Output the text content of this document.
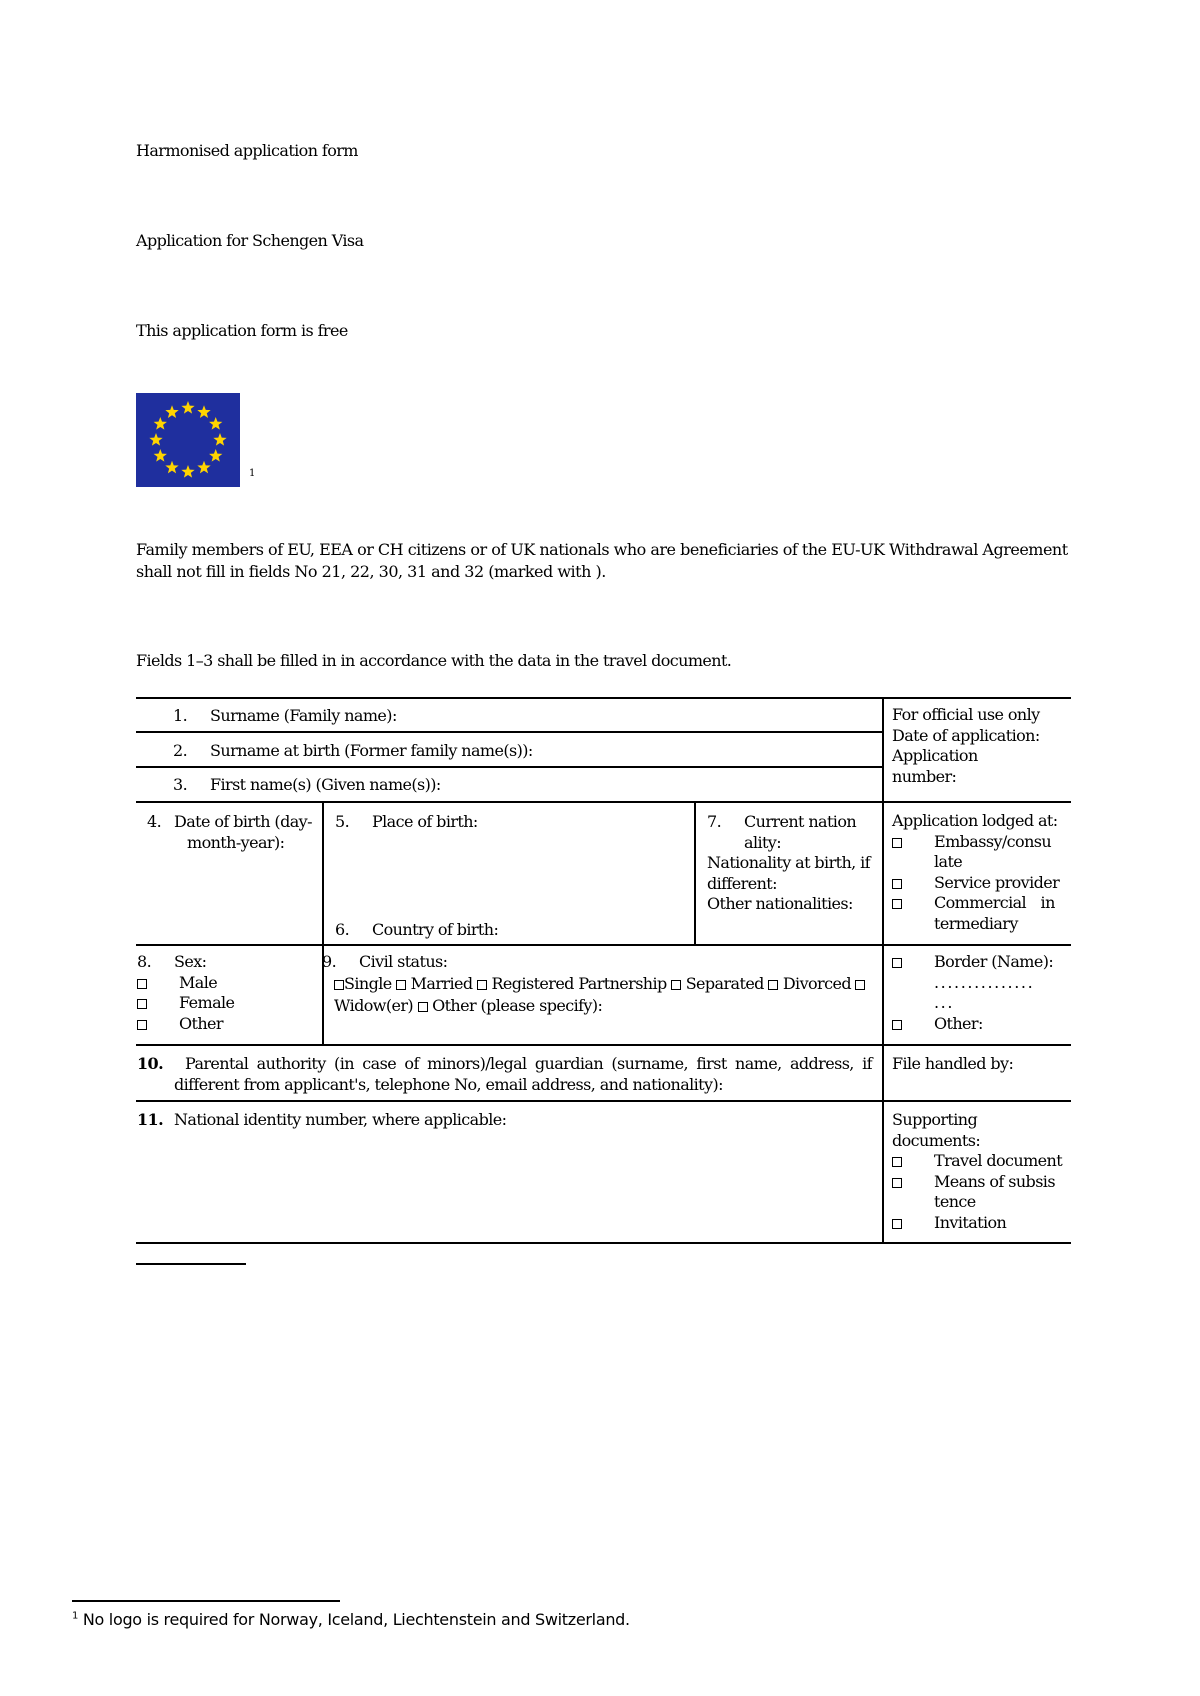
Harmonised application form
Application for Schengen Visa
This application form is free
1
Family members of EU, EEA or CH citizens or of UK nationals who are beneficiaries of the EU-UK Withdrawal Agreement shall not fill in fields No 21, 22, 30, 31 and 32 (marked with ).
Fields 1–3 shall be filled in in accordance with the data in the travel document.
1. Surname (Family name):
2. Surname at birth (Former family name(s)):
3. First name(s) (Given name(s)):
For official use only
Date of application:
Application
number:
4. Date of birth (day-
month-year):
5. Place of birth:
6. Country of birth:
7. Current nation
ality:
Nationality at birth, if
different:
Other nationalities:
Application lodged at:
Embassy/consu
late
Service provider
Commercial in
termediary
8. Sex:
Male
Female
Other
9. Civil status:
Single Married Registered Partnership Separated Divorced  Widow(er) Other (please specify):
Border (Name):
...............
...
Other:
10. Parental authority (in case of minors)/legal guardian (surname, first name, address, if
different from applicant's, telephone No, email address, and nationality):
File handled by:
11. National identity number, where applicable:	Supporting
documents:
Travel document
Means of subsis
tence
Invitation
$^1$ No logo is required for Norway, Iceland, Liechtenstein and Switzerland.
